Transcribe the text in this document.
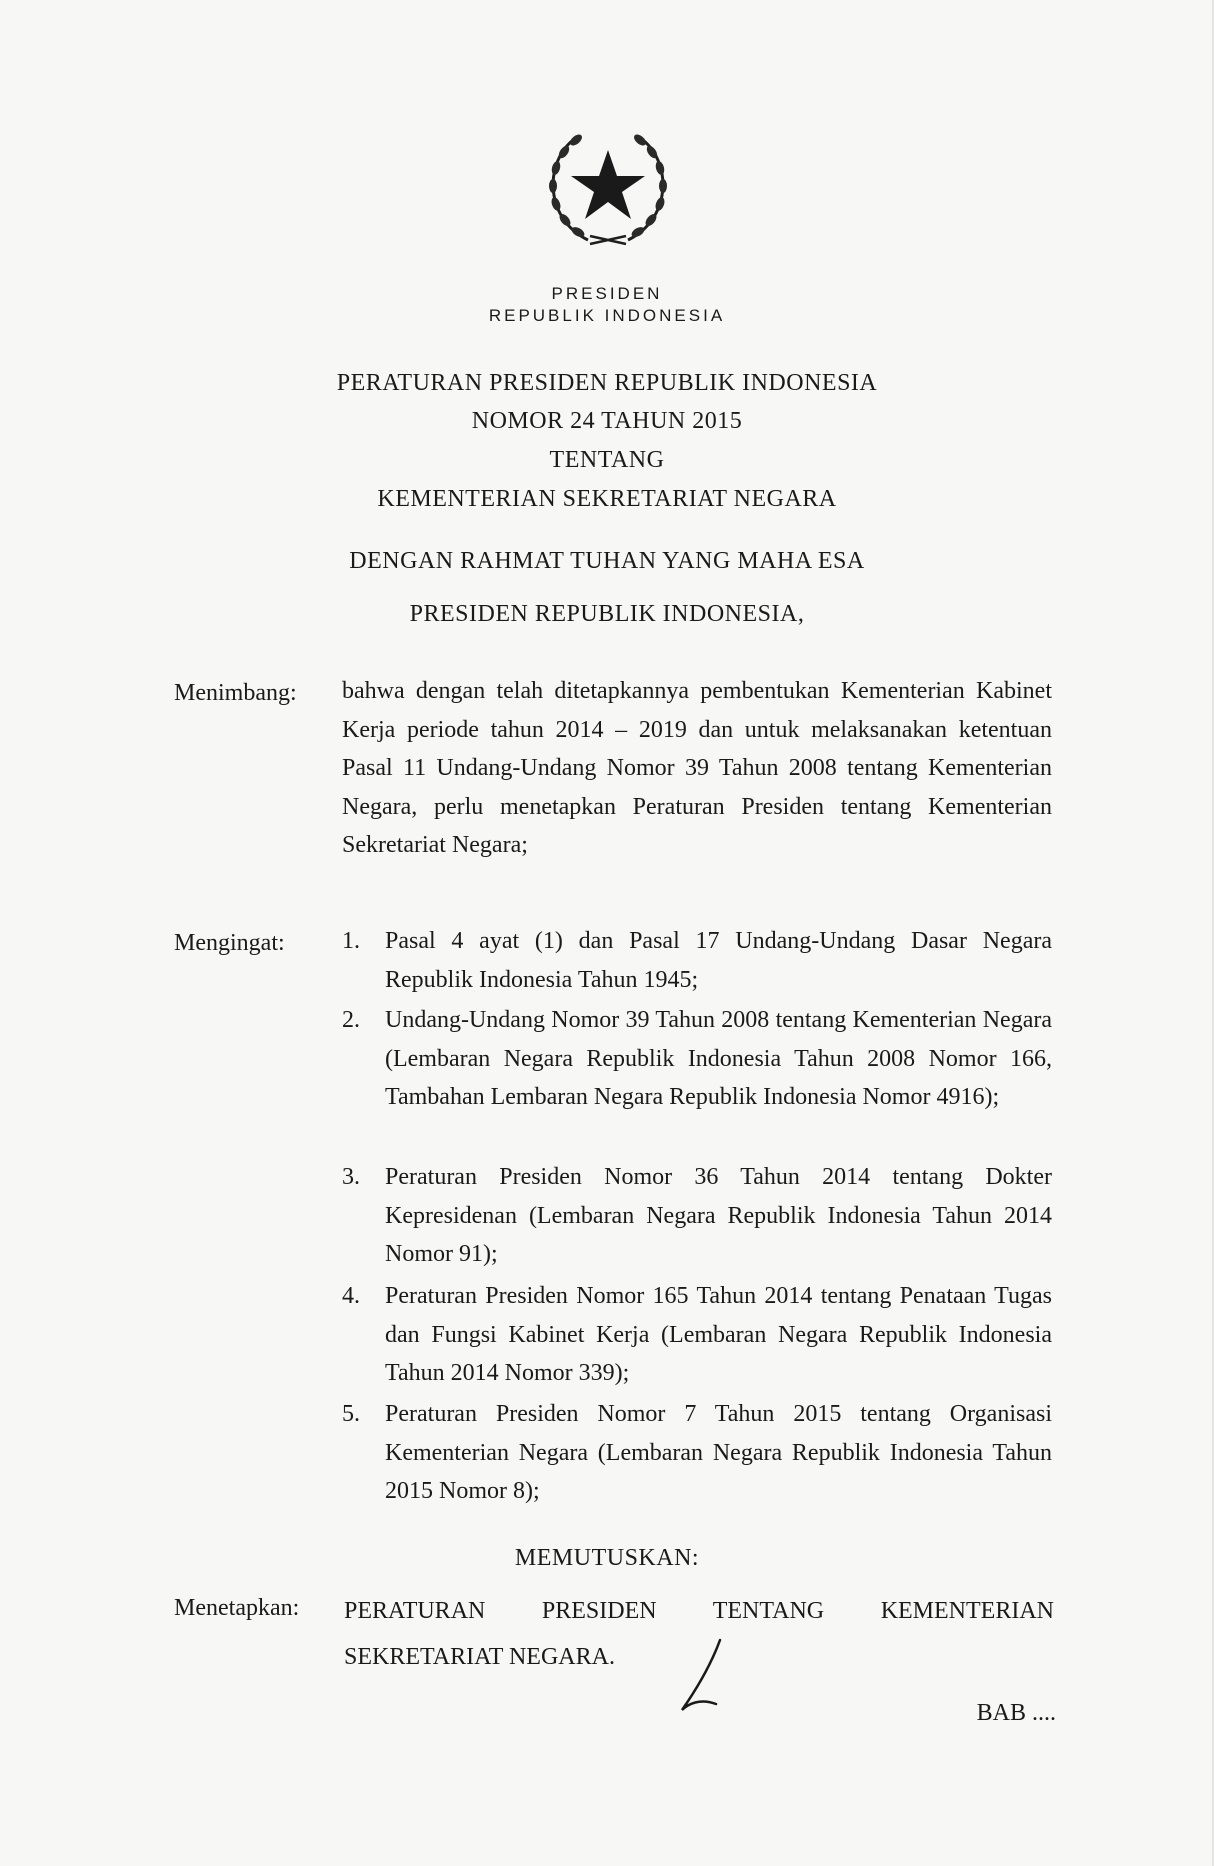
PRESIDEN
REPUBLIK INDONESIA
PERATURAN PRESIDEN REPUBLIK INDONESIA
NOMOR 24 TAHUN 2015
TENTANG
KEMENTERIAN SEKRETARIAT NEGARA
DENGAN RAHMAT TUHAN YANG MAHA ESA
PRESIDEN REPUBLIK INDONESIA,
Menimbang: bahwa dengan telah ditetapkannya pembentukan Kementerian Kabinet Kerja periode tahun 2014 – 2019 dan untuk melaksanakan ketentuan Pasal 11 Undang-Undang Nomor 39 Tahun 2008 tentang Kementerian Negara, perlu menetapkan Peraturan Presiden tentang Kementerian Sekretariat Negara;
Mengingat: 1. Pasal 4 ayat (1) dan Pasal 17 Undang-Undang Dasar Negara Republik Indonesia Tahun 1945;
2. Undang-Undang Nomor 39 Tahun 2008 tentang Kementerian Negara (Lembaran Negara Republik Indonesia Tahun 2008 Nomor 166, Tambahan Lembaran Negara Republik Indonesia Nomor 4916);
3. Peraturan Presiden Nomor 36 Tahun 2014 tentang Dokter Kepresidenan (Lembaran Negara Republik Indonesia Tahun 2014 Nomor 91);
4. Peraturan Presiden Nomor 165 Tahun 2014 tentang Penataan Tugas dan Fungsi Kabinet Kerja (Lembaran Negara Republik Indonesia Tahun 2014 Nomor 339);
5. Peraturan Presiden Nomor 7 Tahun 2015 tentang Organisasi Kementerian Negara (Lembaran Negara Republik Indonesia Tahun 2015 Nomor 8);
MEMUTUSKAN:
Menetapkan: PERATURAN PRESIDEN TENTANG KEMENTERIAN SEKRETARIAT NEGARA.
BAB ....
